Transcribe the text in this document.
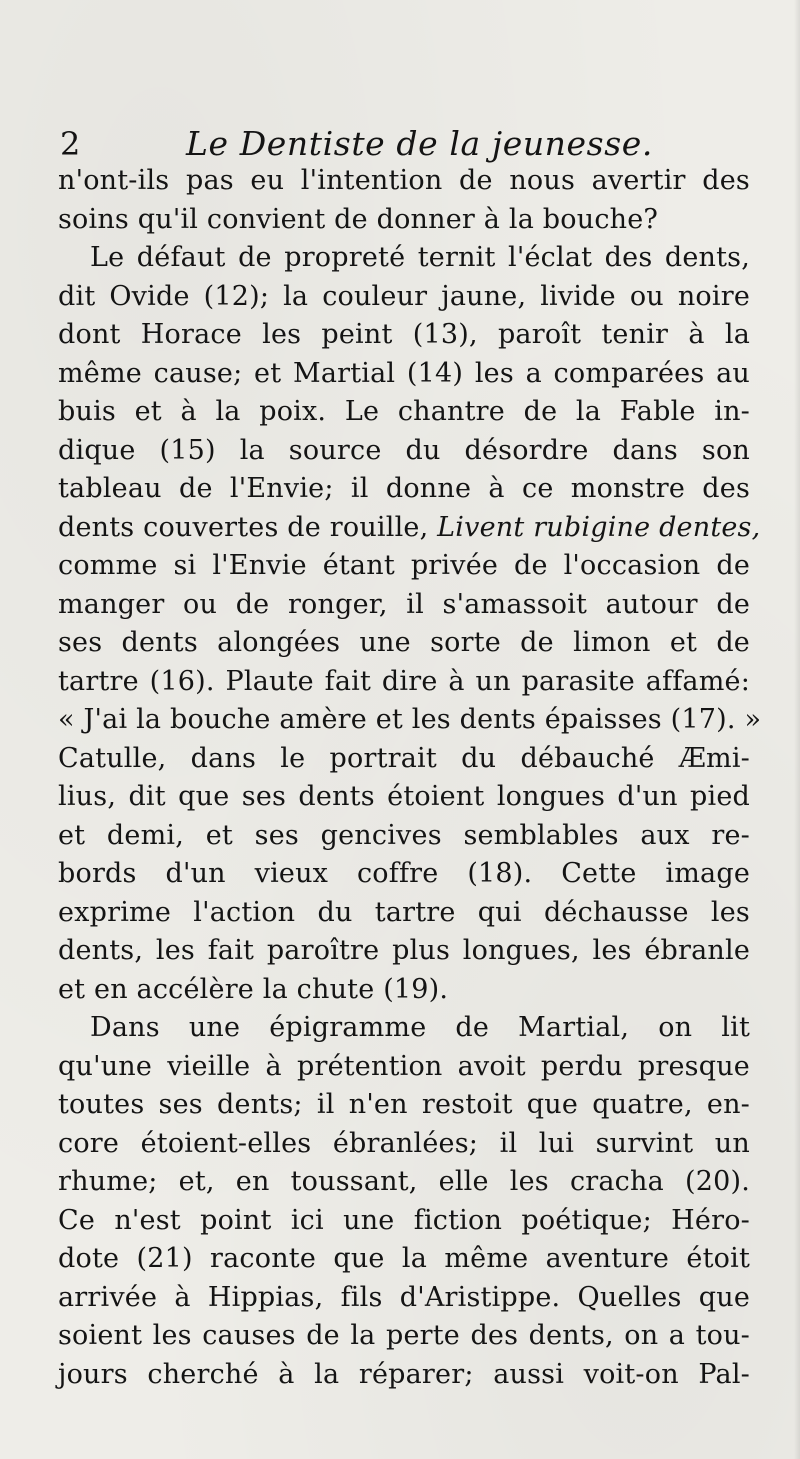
2	Le Dentiste de la jeunesse.
n'ont-ils pas eu l'intention de nous avertir des
soins qu'il convient de donner à la bouche?
Le défaut de propreté ternit l'éclat des dents,
dit Ovide (12); la couleur jaune, livide ou noire
dont Horace les peint (13), paroît tenir à la
même cause; et Martial (14) les a comparées au
buis et à la poix. Le chantre de la Fable in-
dique (15) la source du désordre dans son
tableau de l'Envie; il donne à ce monstre des
dents couvertes de rouille, Livent rubigine dentes,
comme si l'Envie étant privée de l'occasion de
manger ou de ronger, il s'amassoit autour de
ses dents alongées une sorte de limon et de
tartre (16). Plaute fait dire à un parasite affamé:
« J'ai la bouche amère et les dents épaisses (17). »
Catulle, dans le portrait du débauché Æmi-
lius, dit que ses dents étoient longues d'un pied
et demi, et ses gencives semblables aux re-
bords d'un vieux coffre (18). Cette image
exprime l'action du tartre qui déchausse les
dents, les fait paroître plus longues, les ébranle
et en accélère la chute (19).
Dans une épigramme de Martial, on lit
qu'une vieille à prétention avoit perdu presque
toutes ses dents; il n'en restoit que quatre, en-
core étoient-elles ébranlées; il lui survint un
rhume; et, en toussant, elle les cracha (20).
Ce n'est point ici une fiction poétique; Héro-
dote (21) raconte que la même aventure étoit
arrivée à Hippias, fils d'Aristippe. Quelles que
soient les causes de la perte des dents, on a tou-
jours cherché à la réparer; aussi voit-on Pal-
